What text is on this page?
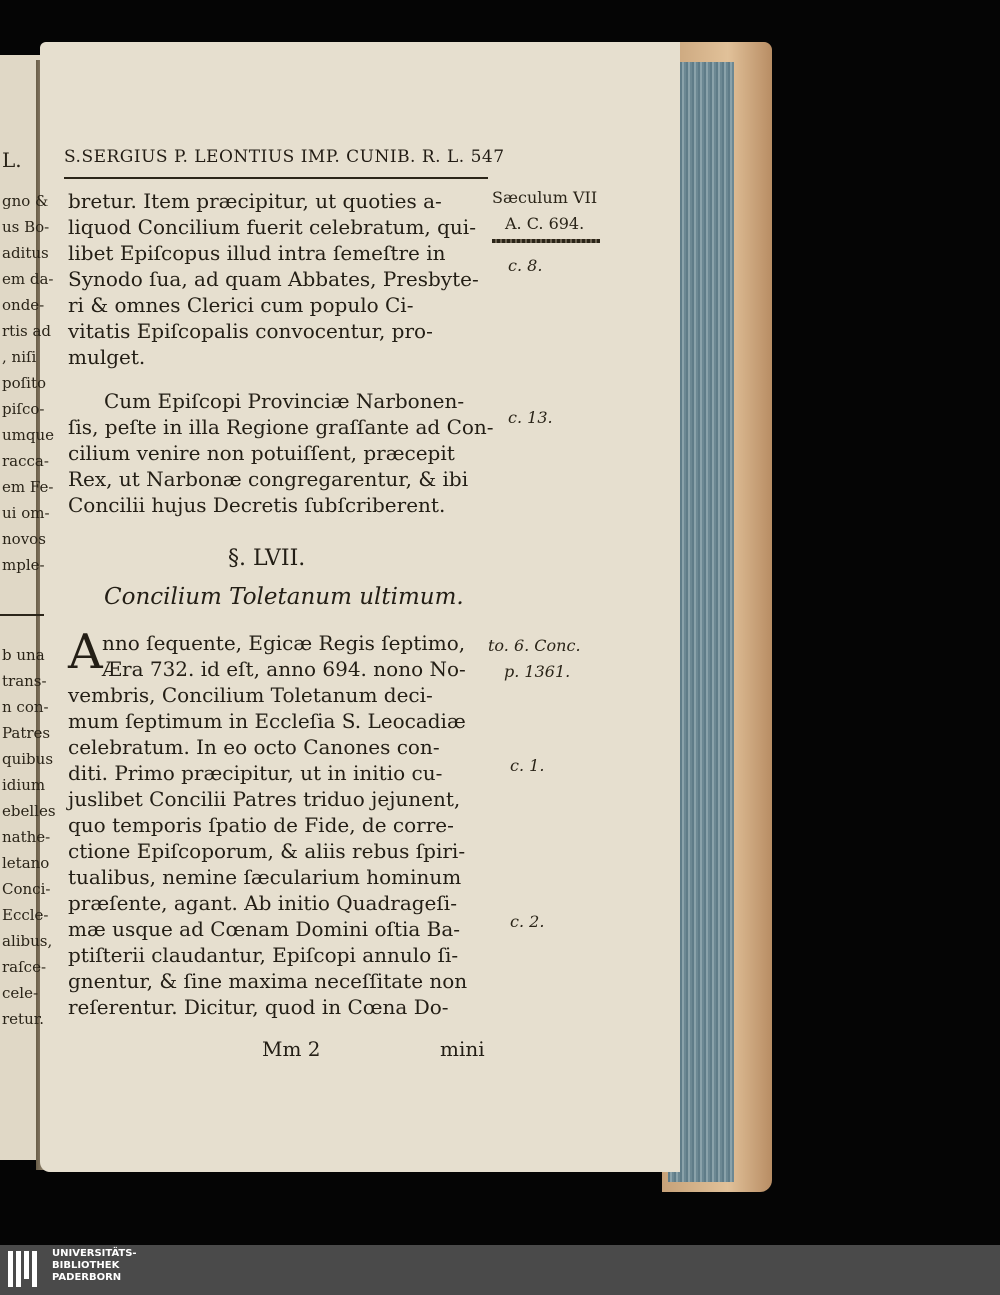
L.
gno &
us Bo-
aditus
em da-
onde-
rtis ad
, niſi
poſito
piſco-
umque
racca-
em Fe-
ui om-
novos
mple-
b una
trans-
n con-
Patres
quibus
idium
ebelles
nathe-
letano
Conci-
Eccle-
alibus,
raſce-
cele-
retur.
S.SERGIUS P. LEONTIUS IMP. CUNIB. R. L. 547
Sæculum VII
A. C. 694.
c. 8.
c. 13.
bretur. Item præcipitur, ut quoties a-
liquod Concilium fuerit celebratum, qui-
libet Epiſcopus illud intra ſemeſtre in
Synodo ſua, ad quam Abbates, Presbyte-
ri & omnes Clerici cum populo Ci-
vitatis Epiſcopalis convocentur, pro-
mulget.
Cum Epiſcopi Provinciæ Narbonen-
ſis, peſte in illa Regione graſſante ad Con-
cilium venire non potuiſſent, præcepit
Rex, ut Narbonæ congregarentur, & ibi
Concilii hujus Decretis ſubſcriberent.
§. LVII.
Concilium Toletanum ultimum.
to. 6. Conc.
p. 1361.
c. 1.
c. 2.
A nno ſequente, Egicæ Regis ſeptimo,
Æra 732. id eſt, anno 694. nono No-
vembris, Concilium Toletanum deci-
mum ſeptimum in Eccleſia S. Leocadiæ
celebratum. In eo octo Canones con-
diti. Primo præcipitur, ut in initio cu-
juslibet Concilii Patres triduo jejunent,
quo temporis ſpatio de Fide, de corre-
ctione Epiſcoporum, & aliis rebus ſpiri-
tualibus, nemine ſæcularium hominum
præſente, agant. Ab initio Quadrageſi-
mæ usque ad Cœnam Domini oſtia Ba-
ptiſterii claudantur, Epiſcopi annulo ſi-
gnentur, & ſine maxima neceſſitate non
reſerentur. Dicitur, quod in Cœna Do-
Mm 2	mini
UNIVERSITÄTS-
BIBLIOTHEK
PADERBORN
